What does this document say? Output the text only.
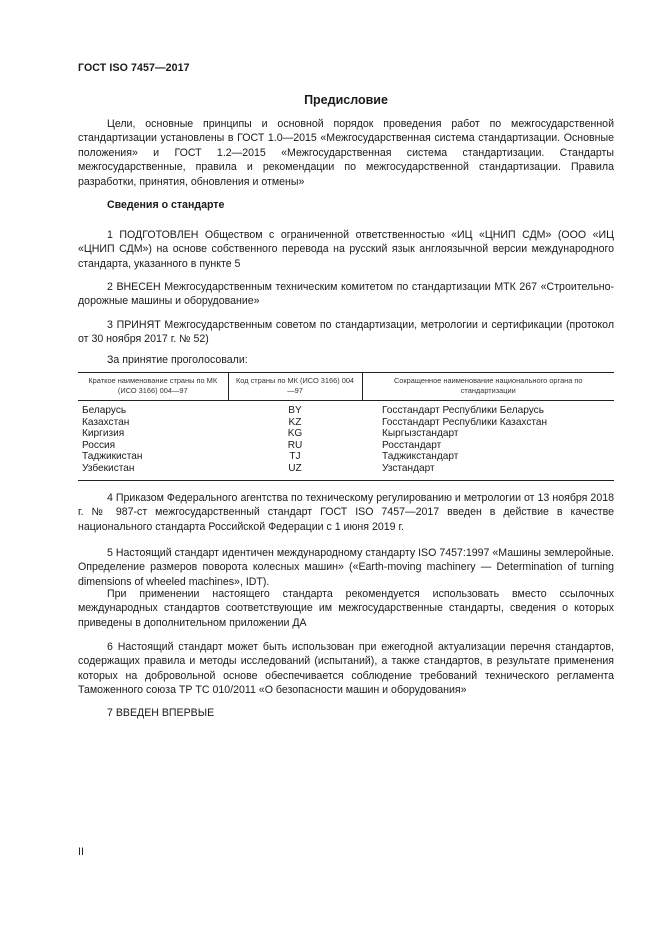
ГОСТ ISO 7457—2017
Предисловие
Цели, основные принципы и основной порядок проведения работ по межгосударственной стандартизации установлены в ГОСТ 1.0—2015 «Межгосударственная система стандартизации. Основные положения» и ГОСТ 1.2—2015 «Межгосударственная система стандартизации. Стандарты межгосударственные, правила и рекомендации по межгосударственной стандартизации. Правила разработки, принятия, обновления и отмены»
Сведения о стандарте
1 ПОДГОТОВЛЕН Обществом с ограниченной ответственностью «ИЦ «ЦНИП СДМ» (ООО «ИЦ «ЦНИП СДМ») на основе собственного перевода на русский язык англоязычной версии международного стандарта, указанного в пункте 5
2 ВНЕСЕН Межгосударственным техническим комитетом по стандартизации МТК 267 «Строительно-дорожные машины и оборудование»
3 ПРИНЯТ Межгосударственным советом по стандартизации, метрологии и сертификации (протокол от 30 ноября 2017 г. № 52)
За принятие проголосовали:
Краткое наименование страны по МК (ИСО 3166) 004—97	Код страны по МК (ИСО 3166) 004—97	Сокращенное наименование национального органа по стандартизации
Беларусь	BY	Госстандарт Республики Беларусь
Казахстан	KZ	Госстандарт Республики Казахстан
Киргизия	KG	Кыргызстандарт
Россия	RU	Росстандарт
Таджикистан	TJ	Таджикстандарт
Узбекистан	UZ	Узстандарт
4 Приказом Федерального агентства по техническому регулированию и метрологии от 13 ноября 2018 г. № 987-ст межгосударственный стандарт ГОСТ ISO 7457—2017 введен в действие в качестве национального стандарта Российской Федерации с 1 июня 2019 г.
5 Настоящий стандарт идентичен международному стандарту ISO 7457:1997 «Машины землеройные. Определение размеров поворота колесных машин» («Earth-moving machinery — Determination of turning dimensions of wheeled machines», IDT).
При применении настоящего стандарта рекомендуется использовать вместо ссылочных международных стандартов соответствующие им межгосударственные стандарты, сведения о которых приведены в дополнительном приложении ДА
6 Настоящий стандарт может быть использован при ежегодной актуализации перечня стандартов, содержащих правила и методы исследований (испытаний), а также стандартов, в результате применения которых на добровольной основе обеспечивается соблюдение требований технического регламента Таможенного союза ТР ТС 010/2011 «О безопасности машин и оборудования»
7 ВВЕДЕН ВПЕРВЫЕ
II
